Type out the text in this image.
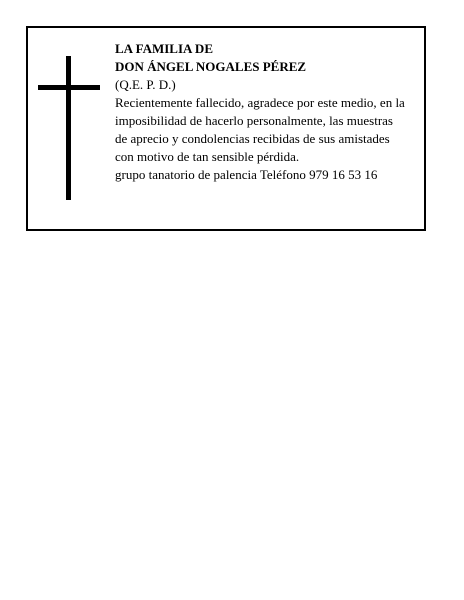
LA FAMILIA DE
DON ÁNGEL NOGALES PÉREZ
(Q.E. P. D.)
Recientemente fallecido, agradece por este medio, en la
imposibilidad de hacerlo personalmente, las muestras
de aprecio y condolencias recibidas de sus amistades
con motivo de tan sensible pérdida.
grupo tanatorio de palencia Teléfono 979 16 53 16
